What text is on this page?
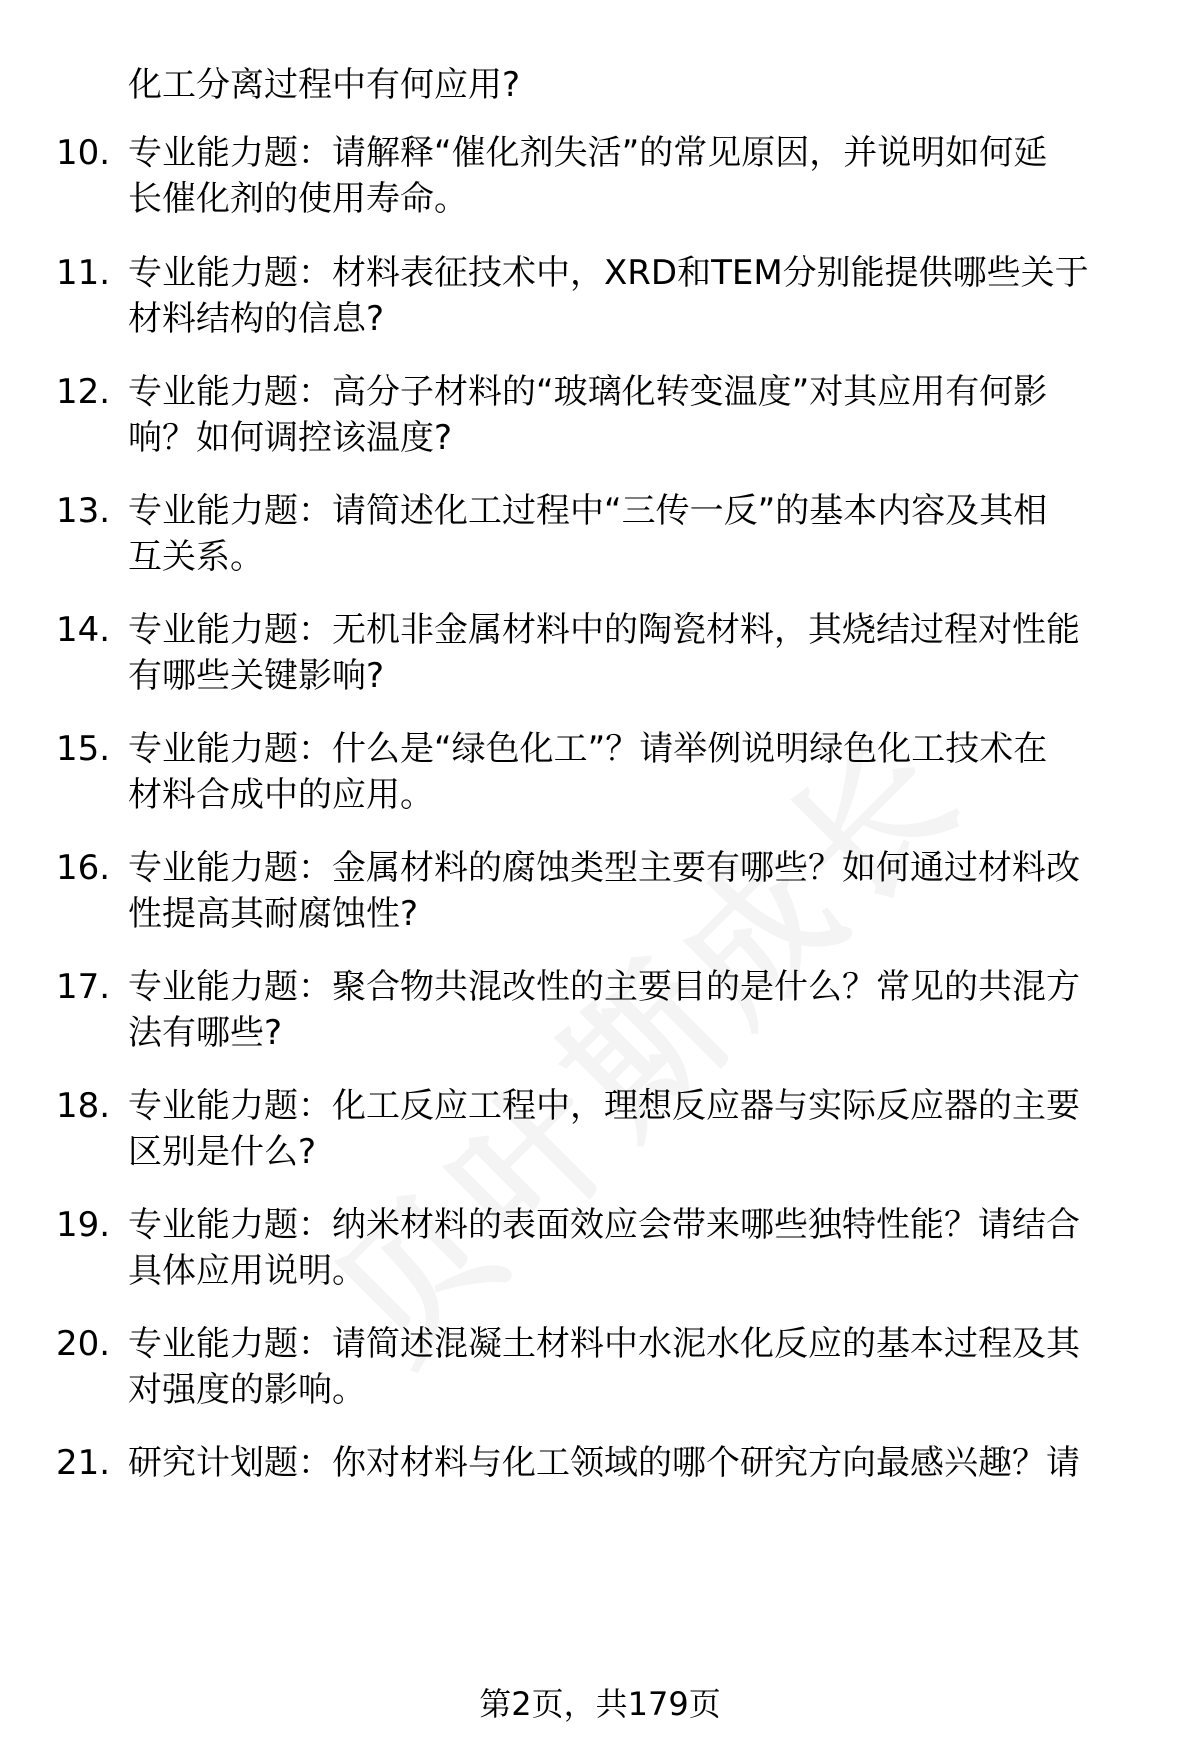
化工分离过程中有何应用?
10. 专业能力题：请解释“催化剂失活”的常见原因，并说明如何延
长催化剂的使用寿命。
11. 专业能力题：材料表征技术中，XRD和TEM分别能提供哪些关于
材料结构的信息?
12. 专业能力题：高分子材料的“玻璃化转变温度”对其应用有何影
响？如何调控该温度?
13. 专业能力题：请简述化工过程中“三传一反”的基本内容及其相
互关系。
14. 专业能力题：无机非金属材料中的陶瓷材料，其烧结过程对性能
有哪些关键影响?
15. 专业能力题：什么是“绿色化工”？请举例说明绿色化工技术在
材料合成中的应用。
16. 专业能力题：金属材料的腐蚀类型主要有哪些？如何通过材料改
性提高其耐腐蚀性?
17. 专业能力题：聚合物共混改性的主要目的是什么？常见的共混方
法有哪些?
18. 专业能力题：化工反应工程中，理想反应器与实际反应器的主要
区别是什么?
19. 专业能力题：纳米材料的表面效应会带来哪些独特性能？请结合
具体应用说明。
20. 专业能力题：请简述混凝土材料中水泥水化反应的基本过程及其
对强度的影响。
21. 研究计划题：你对材料与化工领域的哪个研究方向最感兴趣？请
第2页，共179页
